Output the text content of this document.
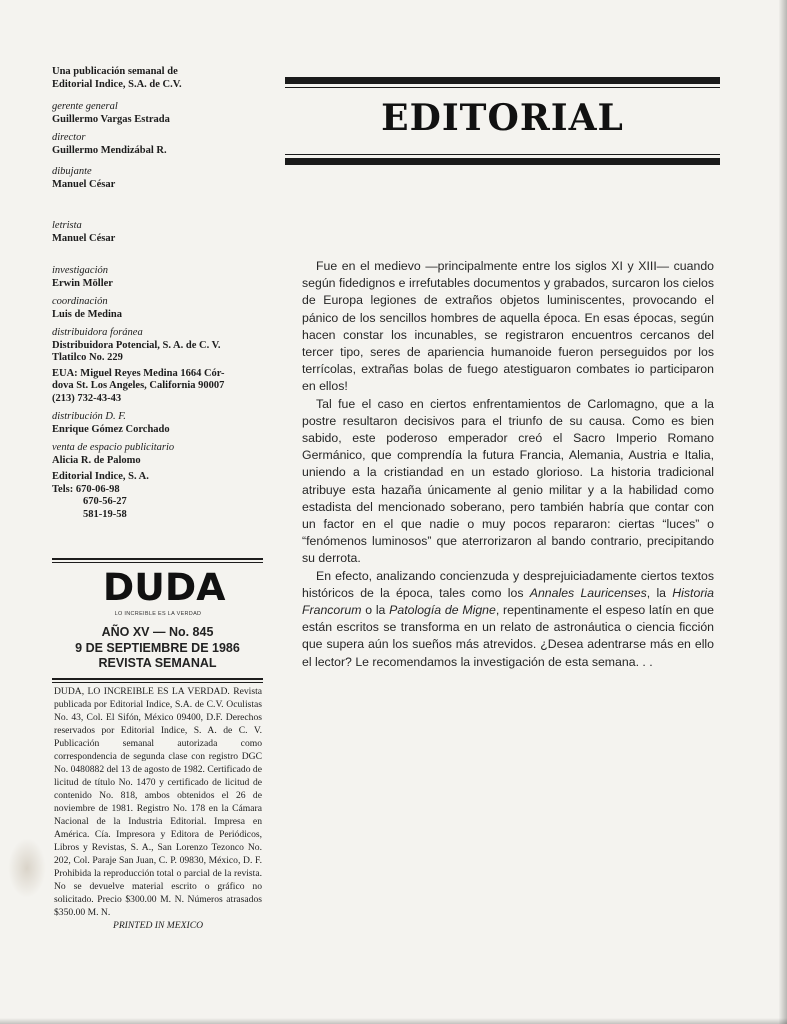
Una publicación semanal de
Editorial Indice, S.A. de C.V.
gerente general
Guillermo Vargas Estrada
director
Guillermo Mendizábal R.
dibujante
Manuel César
letrista
Manuel César
investigación
Erwin Möller
coordinación
Luis de Medina
distribuidora foránea
Distribuidora Potencial, S. A. de C. V.
Tlatilco No. 229
EUA: Miguel Reyes Medina 1664 Cór-
dova St. Los Angeles, California 90007
(213) 732-43-43
distribución D. F.
Enrique Gómez Corchado
venta de espacio publicitario
Alicia R. de Palomo
Editorial Indice, S. A.
Tels: 670-06-98
670-56-27
581-19-58
DUDA
LO INCREIBLE ES LA VERDAD
AÑO XV — No. 845
9 DE SEPTIEMBRE DE 1986
REVISTA SEMANAL
DUDA, LO INCREIBLE ES LA VERDAD. Revista publicada por Editorial Indice, S.A. de C.V. Oculistas No. 43, Col. El Sifón, México 09400, D.F. Derechos reservados por Editorial Indice, S. A. de C. V. Publicación semanal autorizada como correspondencia de segunda clase con registro DGC No. 0480882 del 13 de agosto de 1982. Certificado de licitud de título No. 1470 y certificado de licitud de contenido No. 818, ambos obtenidos el 26 de noviembre de 1981. Registro No. 178 en la Cámara Nacional de la Industria Editorial. Impresa en América. Cía. Impresora y Editora de Periódicos, Libros y Revistas, S. A., San Lorenzo Tezonco No. 202, Col. Paraje San Juan, C. P. 09830, México, D. F. Prohibida la reproducción total o parcial de la revista. No se devuelve material escrito o gráfico no solicitado. Precio $300.00 M. N. Números atrasados $350.00 M. N.
PRINTED IN MEXICO
EDITORIAL

Fue en el medievo —principalmente entre los siglos XI y XIII— cuando según fidedignos e irrefutables documentos y grabados, surcaron los cielos de Europa legiones de extraños objetos luminiscentes, provocando el pánico de los sencillos hombres de aquella época. En esas épocas, según hacen constar los incunables, se registraron encuentros cercanos del tercer tipo, seres de apariencia humanoide fueron perseguidos por los terrícolas, extrañas bolas de fuego atestiguaron combates io participaron en ellos!

Tal fue el caso en ciertos enfrentamientos de Carlomagno, que a la postre resultaron decisivos para el triunfo de su causa. Como es bien sabido, este poderoso emperador creó el Sacro Imperio Romano Germánico, que comprendía la futura Francia, Alemania, Austria e Italia, uniendo a la cristiandad en un estado glorioso. La historia tradicional atribuye esta hazaña únicamente al genio militar y a la habilidad como estadista del mencionado soberano, pero también habría que contar con un factor en el que nadie o muy pocos repararon: ciertas “luces” o “fenómenos luminosos” que aterrorizaron al bando contrario, precipitando su derrota.

En efecto, analizando concienzuda y desprejuiciadamente ciertos textos históricos de la época, tales como los Annales Lauricenses, la Historia Francorum o la Patología de Migne, repentinamente el espeso latín en que están escritos se transforma en un relato de astronáutica o ciencia ficción que supera aún los sueños más atrevidos. ¿Desea adentrarse más en ello el lector? Le recomendamos la investigación de esta semana. . .
